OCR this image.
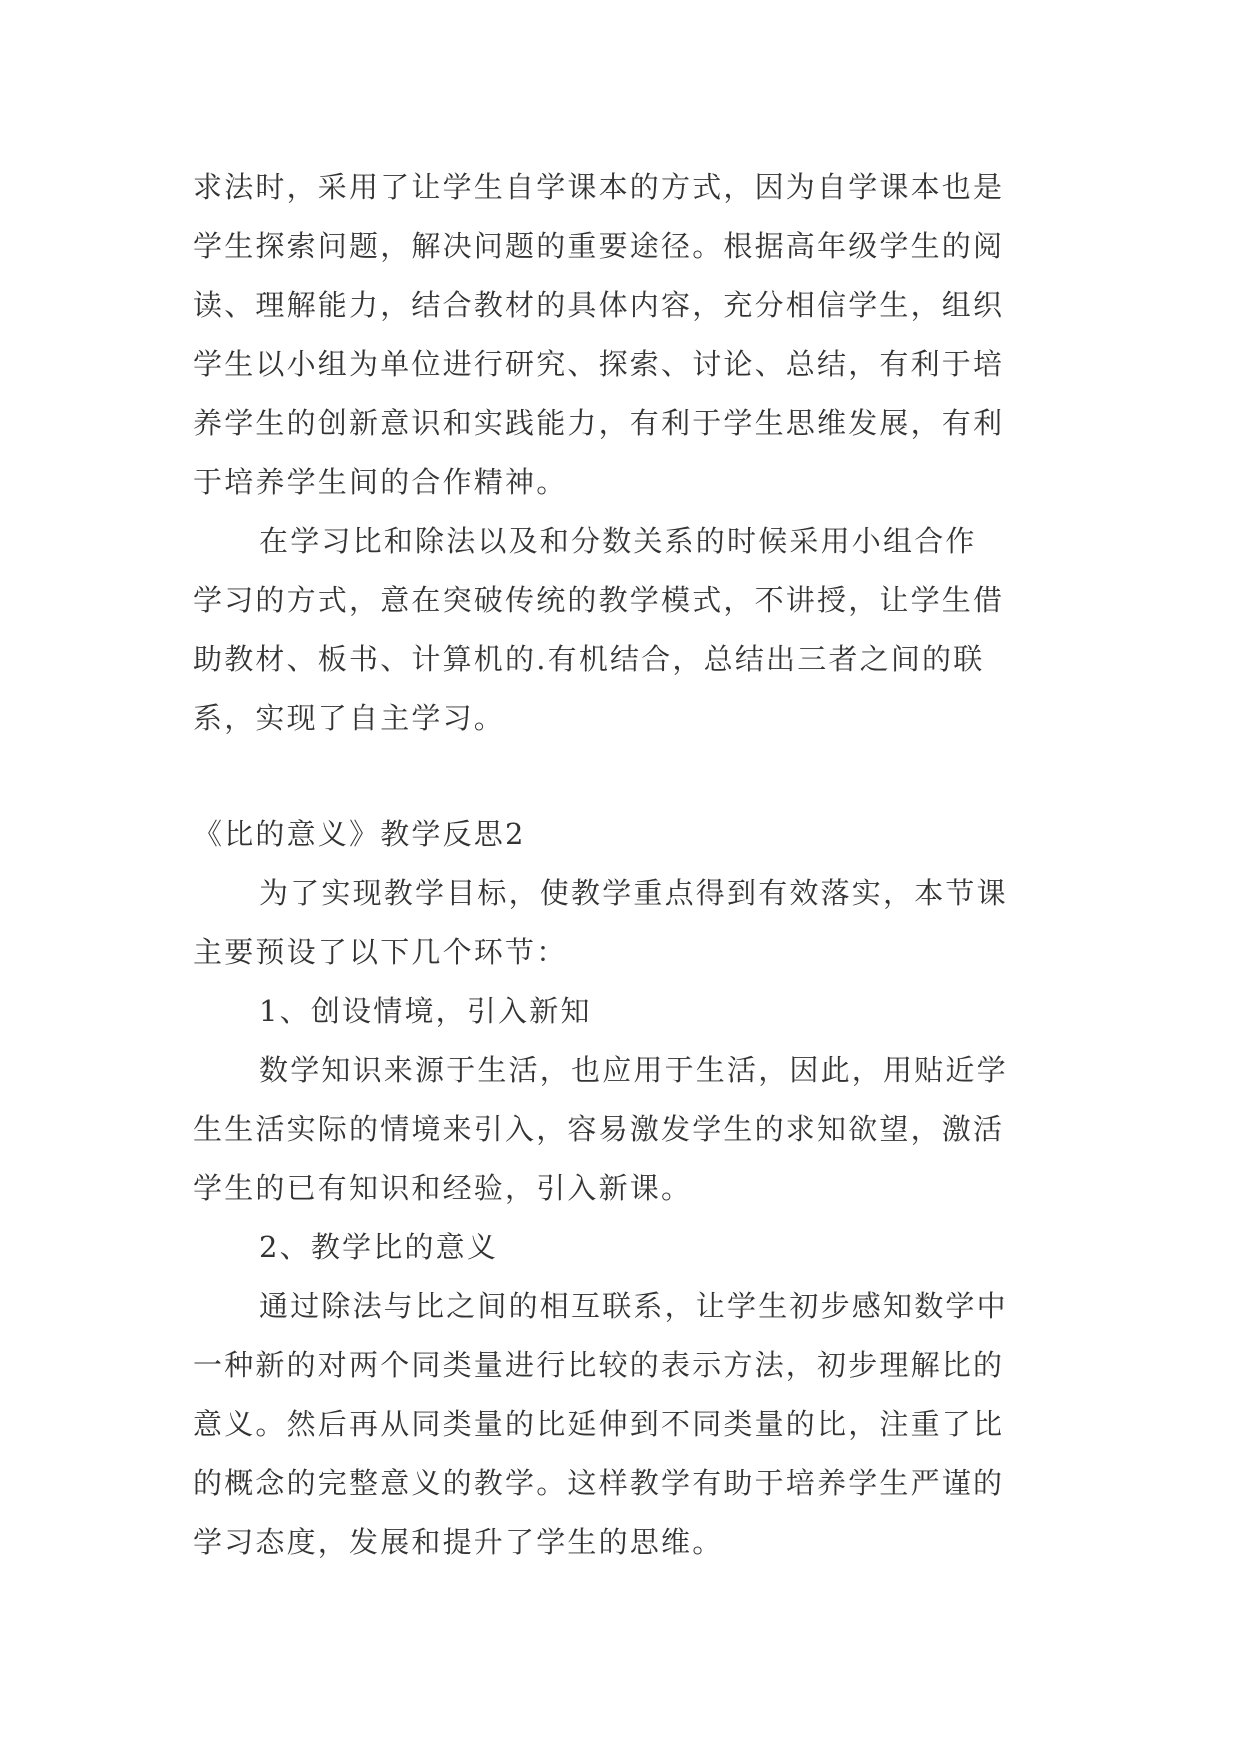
求法时，采用了让学生自学课本的方式，因为自学课本也是
学生探索问题，解决问题的重要途径。根据高年级学生的阅
读、理解能力，结合教材的具体内容，充分相信学生，组织
学生以小组为单位进行研究、探索、讨论、总结，有利于培
养学生的创新意识和实践能力，有利于学生思维发展，有利
于培养学生间的合作精神。
在学习比和除法以及和分数关系的时候采用小组合作
学习的方式，意在突破传统的教学模式，不讲授，让学生借
助教材、板书、计算机的.有机结合，总结出三者之间的联
系，实现了自主学习。
《比的意义》教学反思2
为了实现教学目标，使教学重点得到有效落实，本节课
主要预设了以下几个环节：
1、创设情境，引入新知
数学知识来源于生活，也应用于生活，因此，用贴近学
生生活实际的情境来引入，容易激发学生的求知欲望，激活
学生的已有知识和经验，引入新课。
2、教学比的意义
通过除法与比之间的相互联系，让学生初步感知数学中
一种新的对两个同类量进行比较的表示方法，初步理解比的
意义。然后再从同类量的比延伸到不同类量的比，注重了比
的概念的完整意义的教学。这样教学有助于培养学生严谨的
学习态度，发展和提升了学生的思维。
